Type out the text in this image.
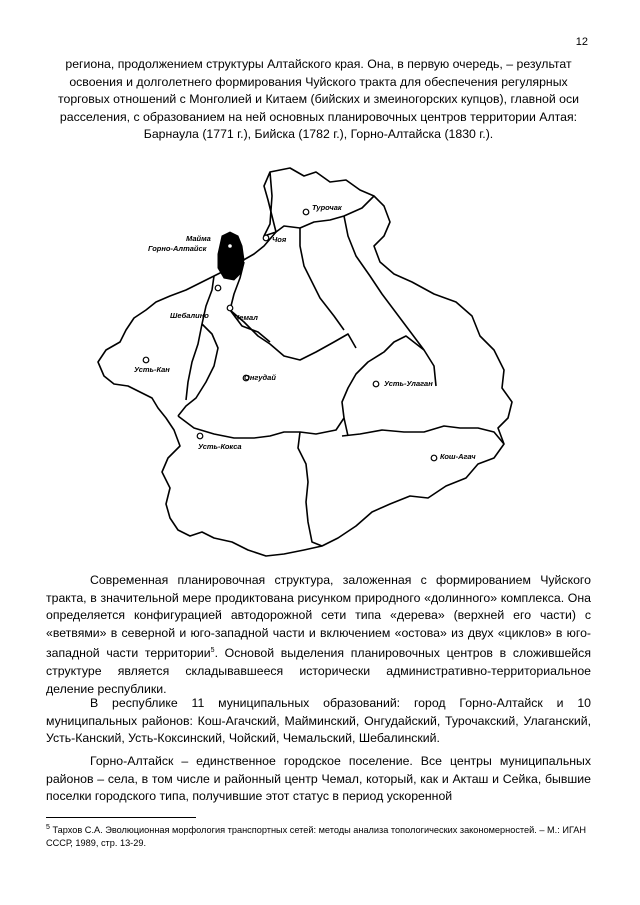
12
региона, продолжением структуры Алтайского края. Она, в первую очередь, – результат освоения и долголетнего формирования Чуйского тракта для обеспечения регулярных торговых отношений с Монголией и Китаем (бийских и змеиногорских купцов), главной оси расселения, с образованием на ней основных планировочных центров территории Алтая: Барнаула (1771 г.), Бийска (1782 г.), Горно-Алтайска (1830 г.).
Турочак
Майма
Горно-Алтайск
Чоя
Шебалино	Чемал
Усть-Кан
Онгудай
Усть-Улаган
Усть-Кокса
Кош-Агач
Современная планировочная структура, заложенная с формированием Чуйского тракта, в значительной мере продиктована рисунком природного «долинного» комплекса. Она определяется конфигурацией автодорожной сети типа «дерева» (верхней его части) с «ветвями» в северной и юго-западной части и включением «остова» из двух «циклов» в юго-западной части территории$^5$. Основой выделения планировочных центров в сложившейся структуре является складывавшееся исторически административно-территориальное деление республики.
В республике 11 муниципальных образований: город Горно-Алтайск и 10 муниципальных районов: Кош-Агачский, Майминский, Онгудайский, Турочакский, Улаганский, Усть-Канский, Усть-Коксинский, Чойский, Чемальский, Шебалинский.
Горно-Алтайск – единственное городское поселение. Все центры муниципальных районов – села, в том числе и районный центр Чемал, который, как и Акташ и Сейка, бывшие поселки городского типа, получившие этот статус в период ускоренной
$^5$ Тархов С.А. Эволюционная морфология транспортных сетей: методы анализа топологических закономерностей. – М.: ИГАН СССР, 1989, стр. 13-29.
